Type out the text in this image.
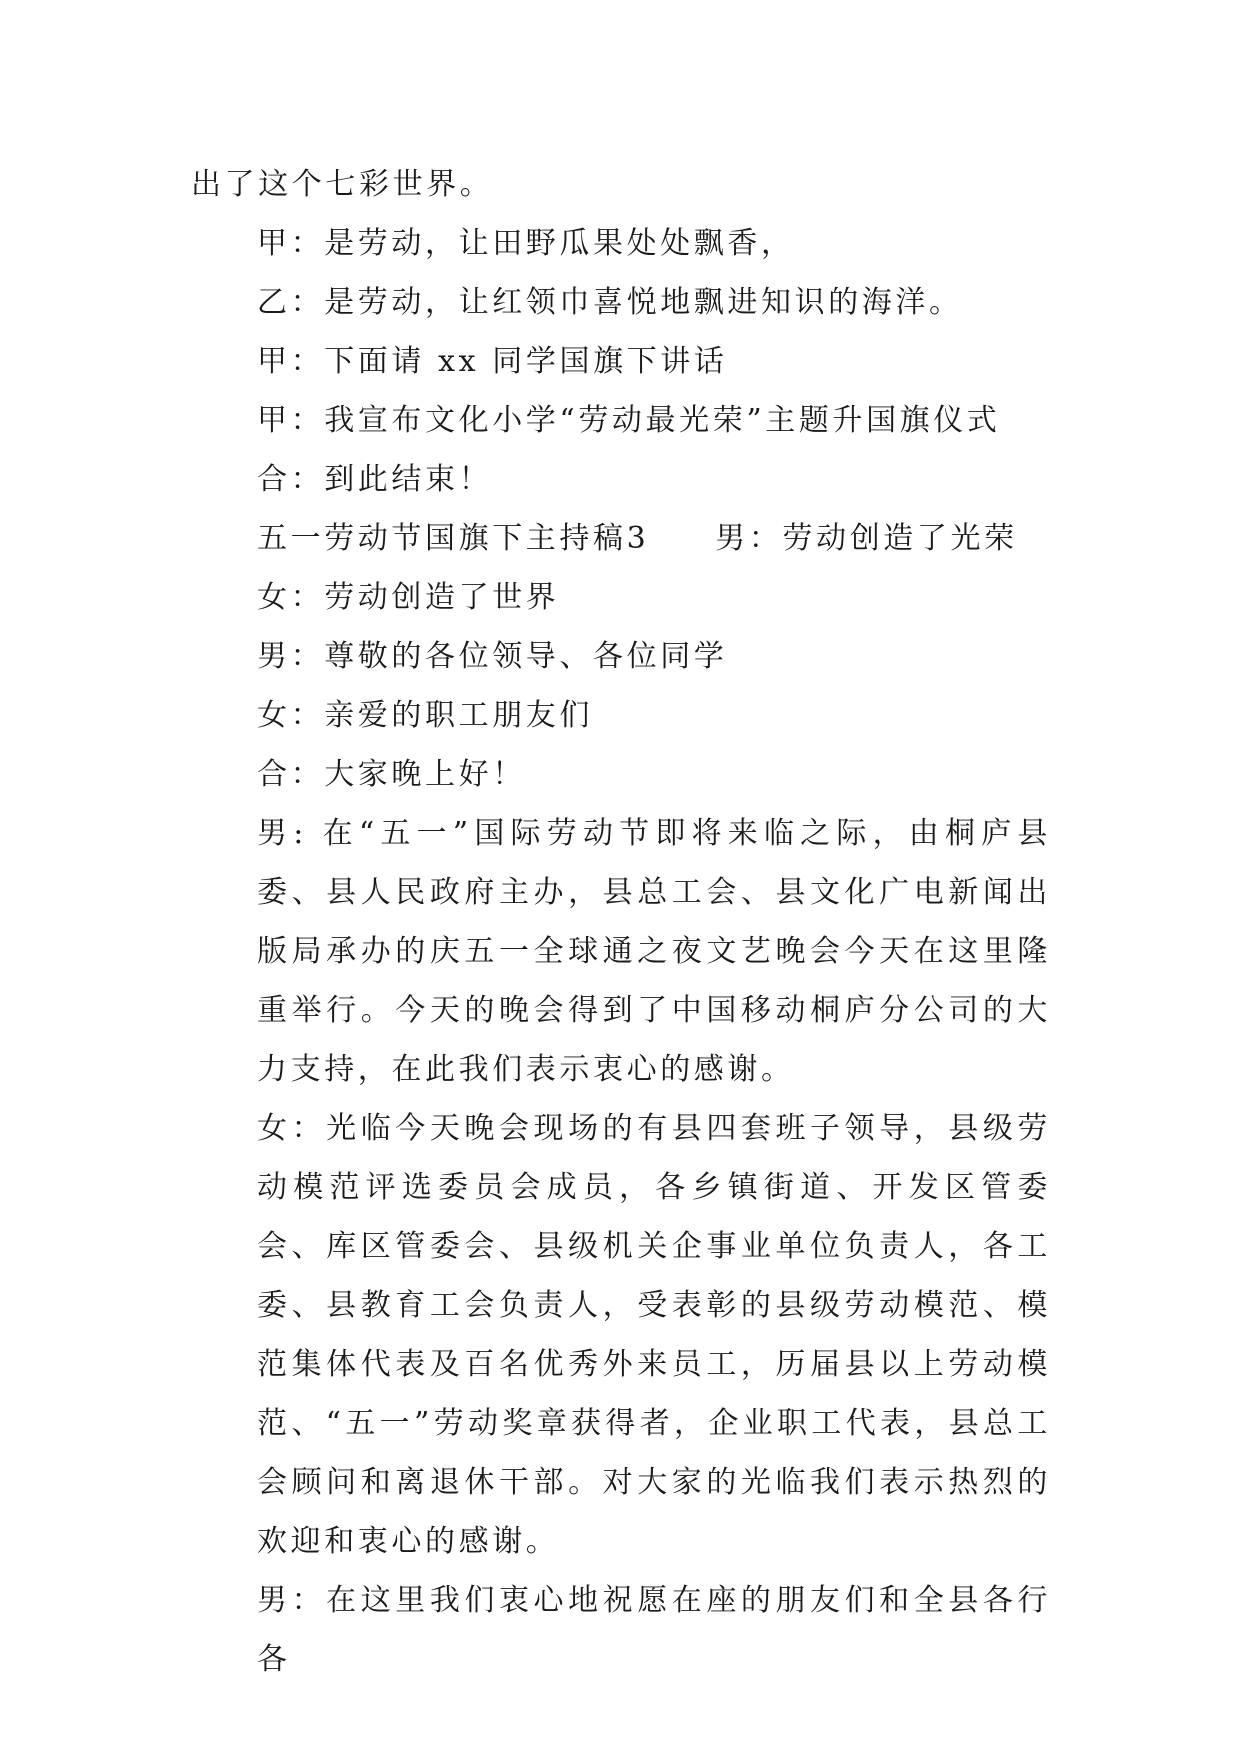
出了这个七彩世界。

甲：是劳动，让田野瓜果处处飘香，

乙：是劳动，让红领巾喜悦地飘进知识的海洋。

甲：下面请 xx 同学国旗下讲话

甲：我宣布文化小学“劳动最光荣”主题升国旗仪式

合：到此结束！

五一劳动节国旗下主持稿3 男：劳动创造了光荣

女：劳动创造了世界

男：尊敬的各位领导、各位同学

女：亲爱的职工朋友们

合：大家晚上好！

男: 在“五一”国际劳动节即将来临之际，由桐庐县委、县人民政府主办，县总工会、县文化广电新闻出版局承办的庆五一全球通之夜文艺晚会今天在这里隆重举行。今天的晚会得到了中国移动桐庐分公司的大力支持，在此我们表示衷心的感谢。

女：光临今天晚会现场的有县四套班子领导，县级劳动模范评选委员会成员，各乡镇街道、开发区管委会、库区管委会、县级机关企事业单位负责人，各工委、县教育工会负责人，受表彰的县级劳动模范、模范集体代表及百名优秀外来员工，历届县以上劳动模范、“五一”劳动奖章获得者，企业职工代表，县总工会顾问和离退休干部。对大家的光临我们表示热烈的欢迎和衷心的感谢。

男：在这里我们衷心地祝愿在座的朋友们和全县各行各
